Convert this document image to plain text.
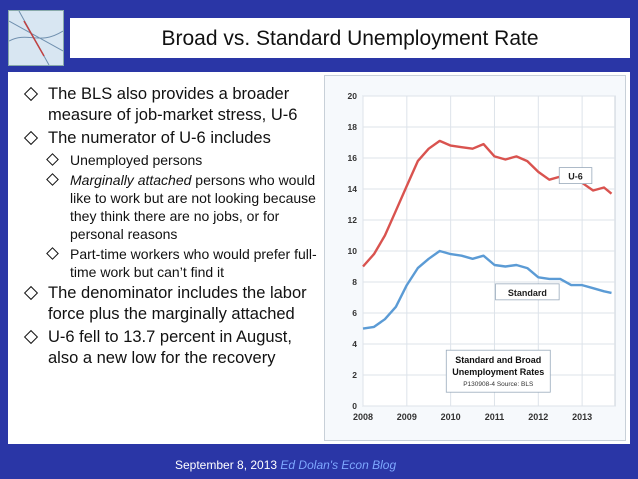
Broad vs. Standard Unemployment Rate
The BLS also provides a broader measure of job-market stress, U-6
The numerator of U-6 includes
Unemployed persons
Marginally attached persons who would like to work but are not looking because they think there are no jobs, or for personal reasons
Part-time workers who would prefer full-time work but can’t find it
The denominator includes the labor force plus the marginally attached
U-6 fell to 13.7 percent in August, also a new low for the recovery
0
2
4
6
8
10
12
14
16
18
20
2008	2009	2010	2011	2012	2013
U-6
Standard
Standard and Broad
Unemployment Rates
P130908-4 Source: BLS
September 8, 2013 Ed Dolan's Econ Blog
